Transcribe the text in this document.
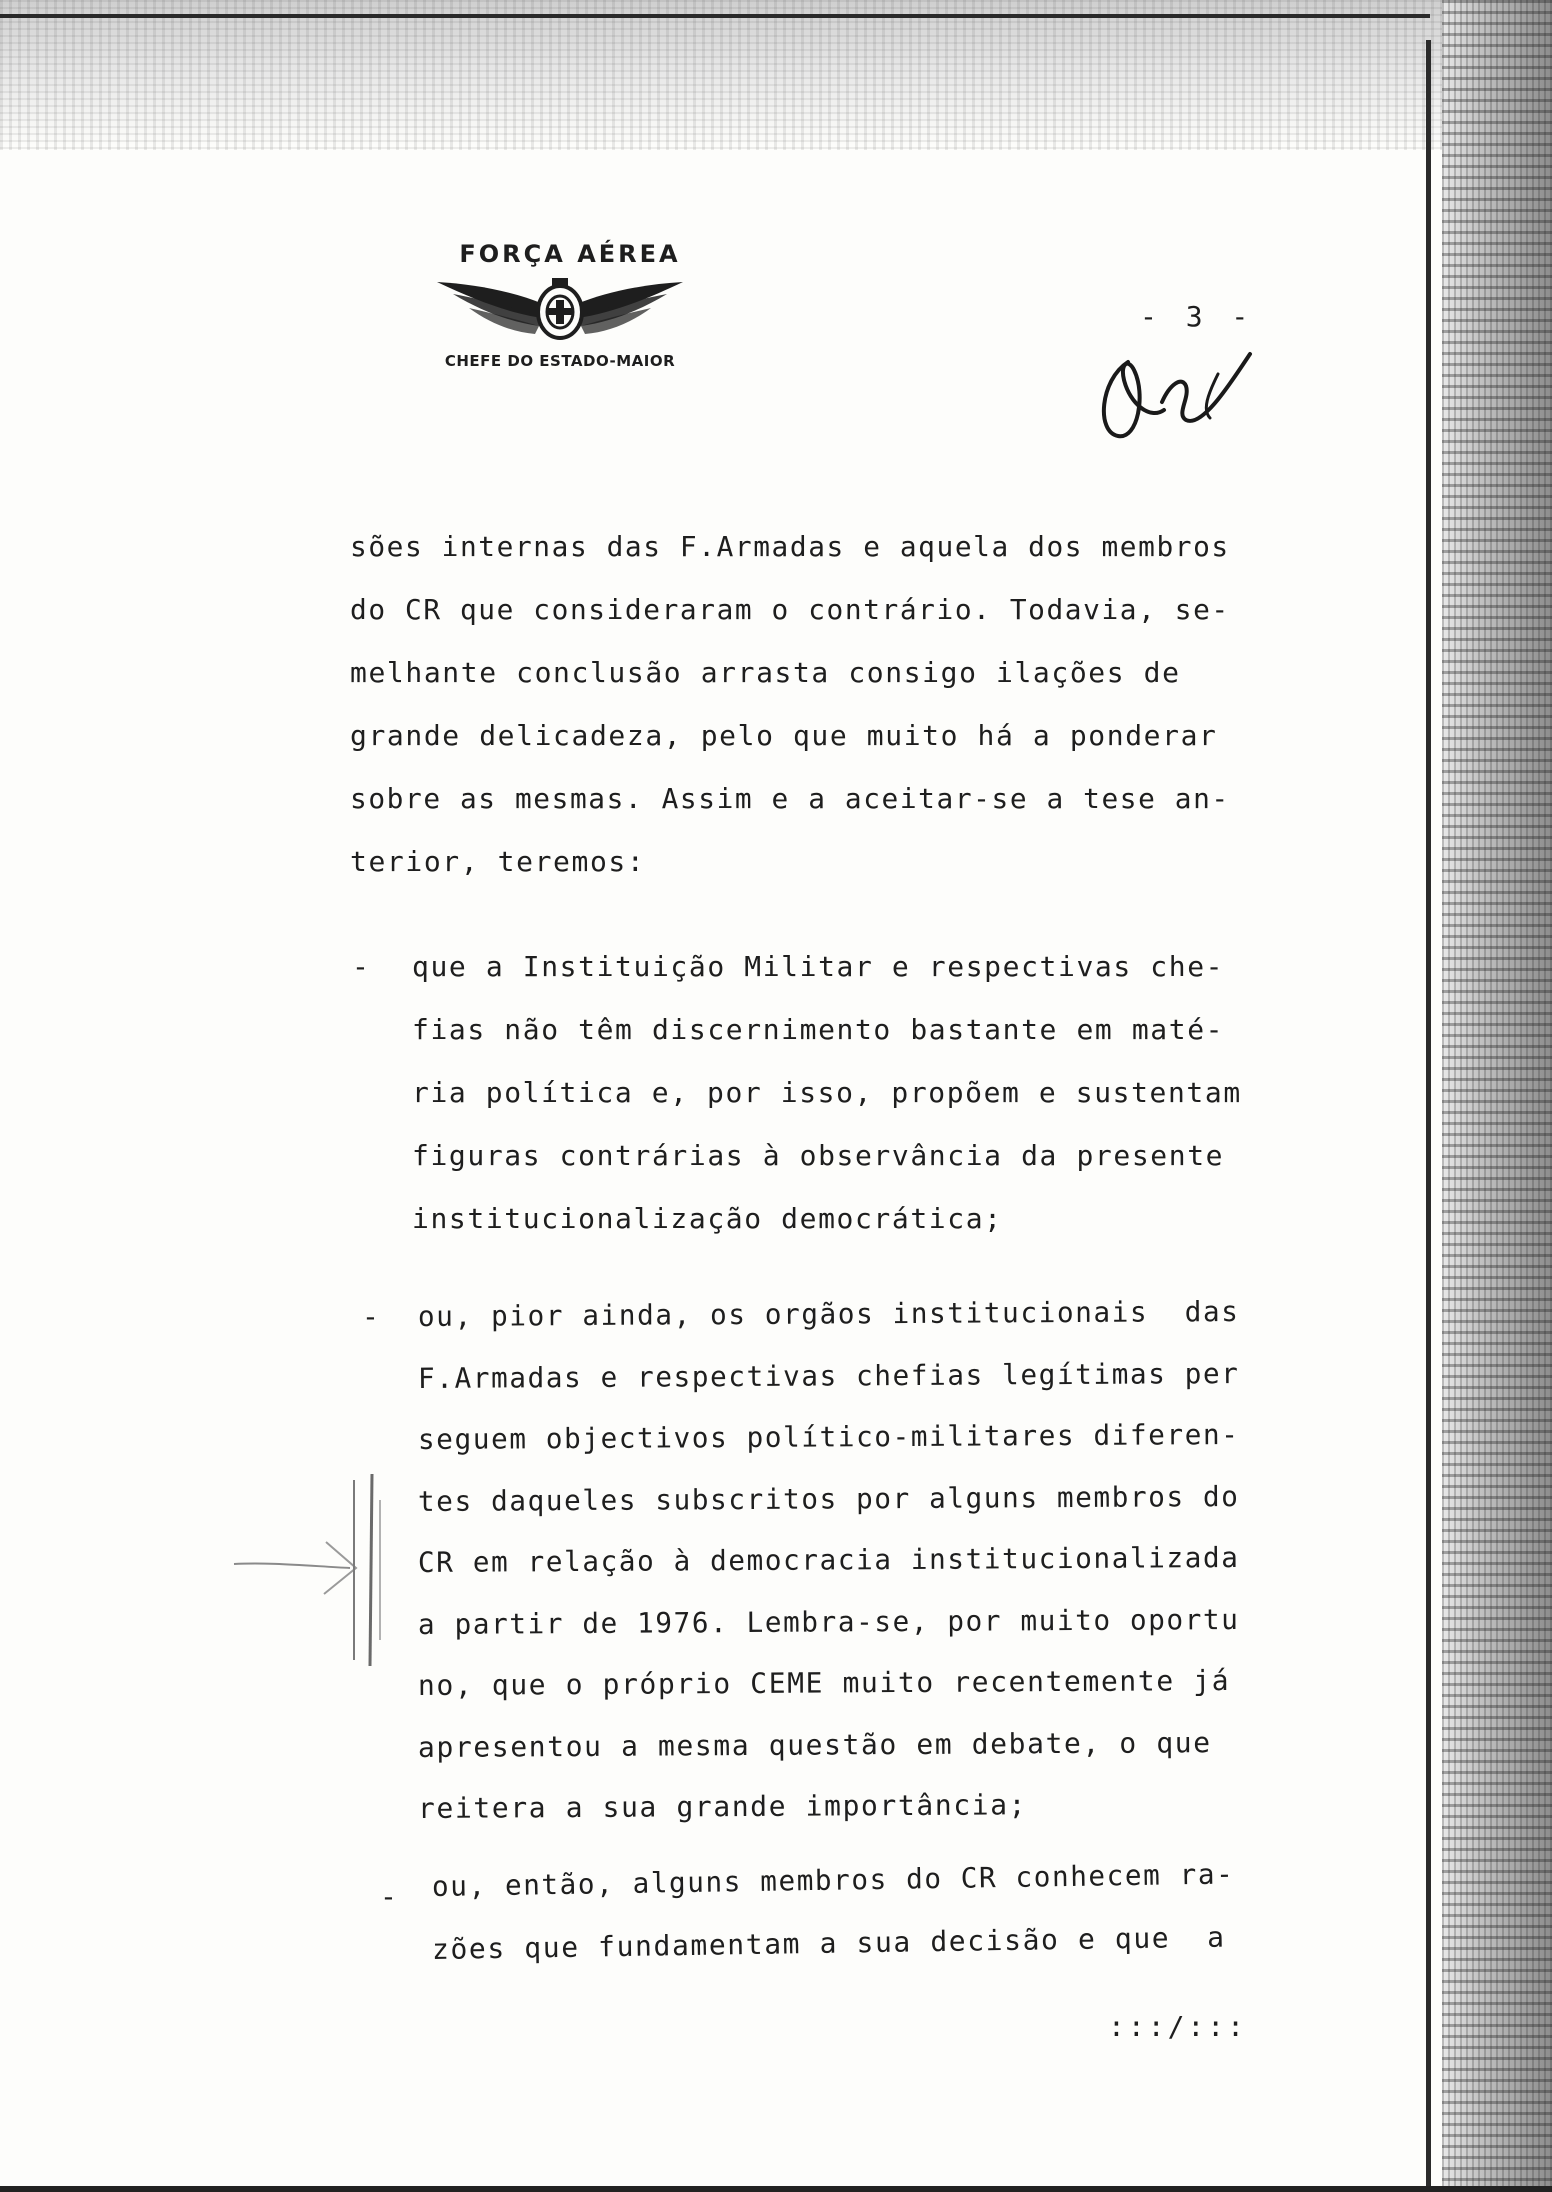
FORÇA AÉREA
CHEFE DO ESTADO-MAIOR
- 3 -
sões internas das F.Armadas e aquela dos membros
do CR que consideraram o contrário. Todavia, se-
melhante conclusão arrasta consigo ilações de
grande delicadeza, pelo que muito há a ponderar
sobre as mesmas. Assim e a aceitar-se a tese an-
terior, teremos:
- que a Instituição Militar e respectivas che-
fias não têm discernimento bastante em maté-
ria política e, por isso, propõem e sustentam
figuras contrárias à observância da presente
institucionalização democrática;
- ou, pior ainda, os orgãos institucionais  das
F.Armadas e respectivas chefias legítimas per
seguem objectivos político-militares diferen-
tes daqueles subscritos por alguns membros do
CR em relação à democracia institucionalizada
a partir de 1976. Lembra-se, por muito oportu
no, que o próprio CEME muito recentemente já
apresentou a mesma questão em debate, o que
reitera a sua grande importância;
- ou, então, alguns membros do CR conhecem ra-
zões que fundamentam a sua decisão e que  a
:::/:::
